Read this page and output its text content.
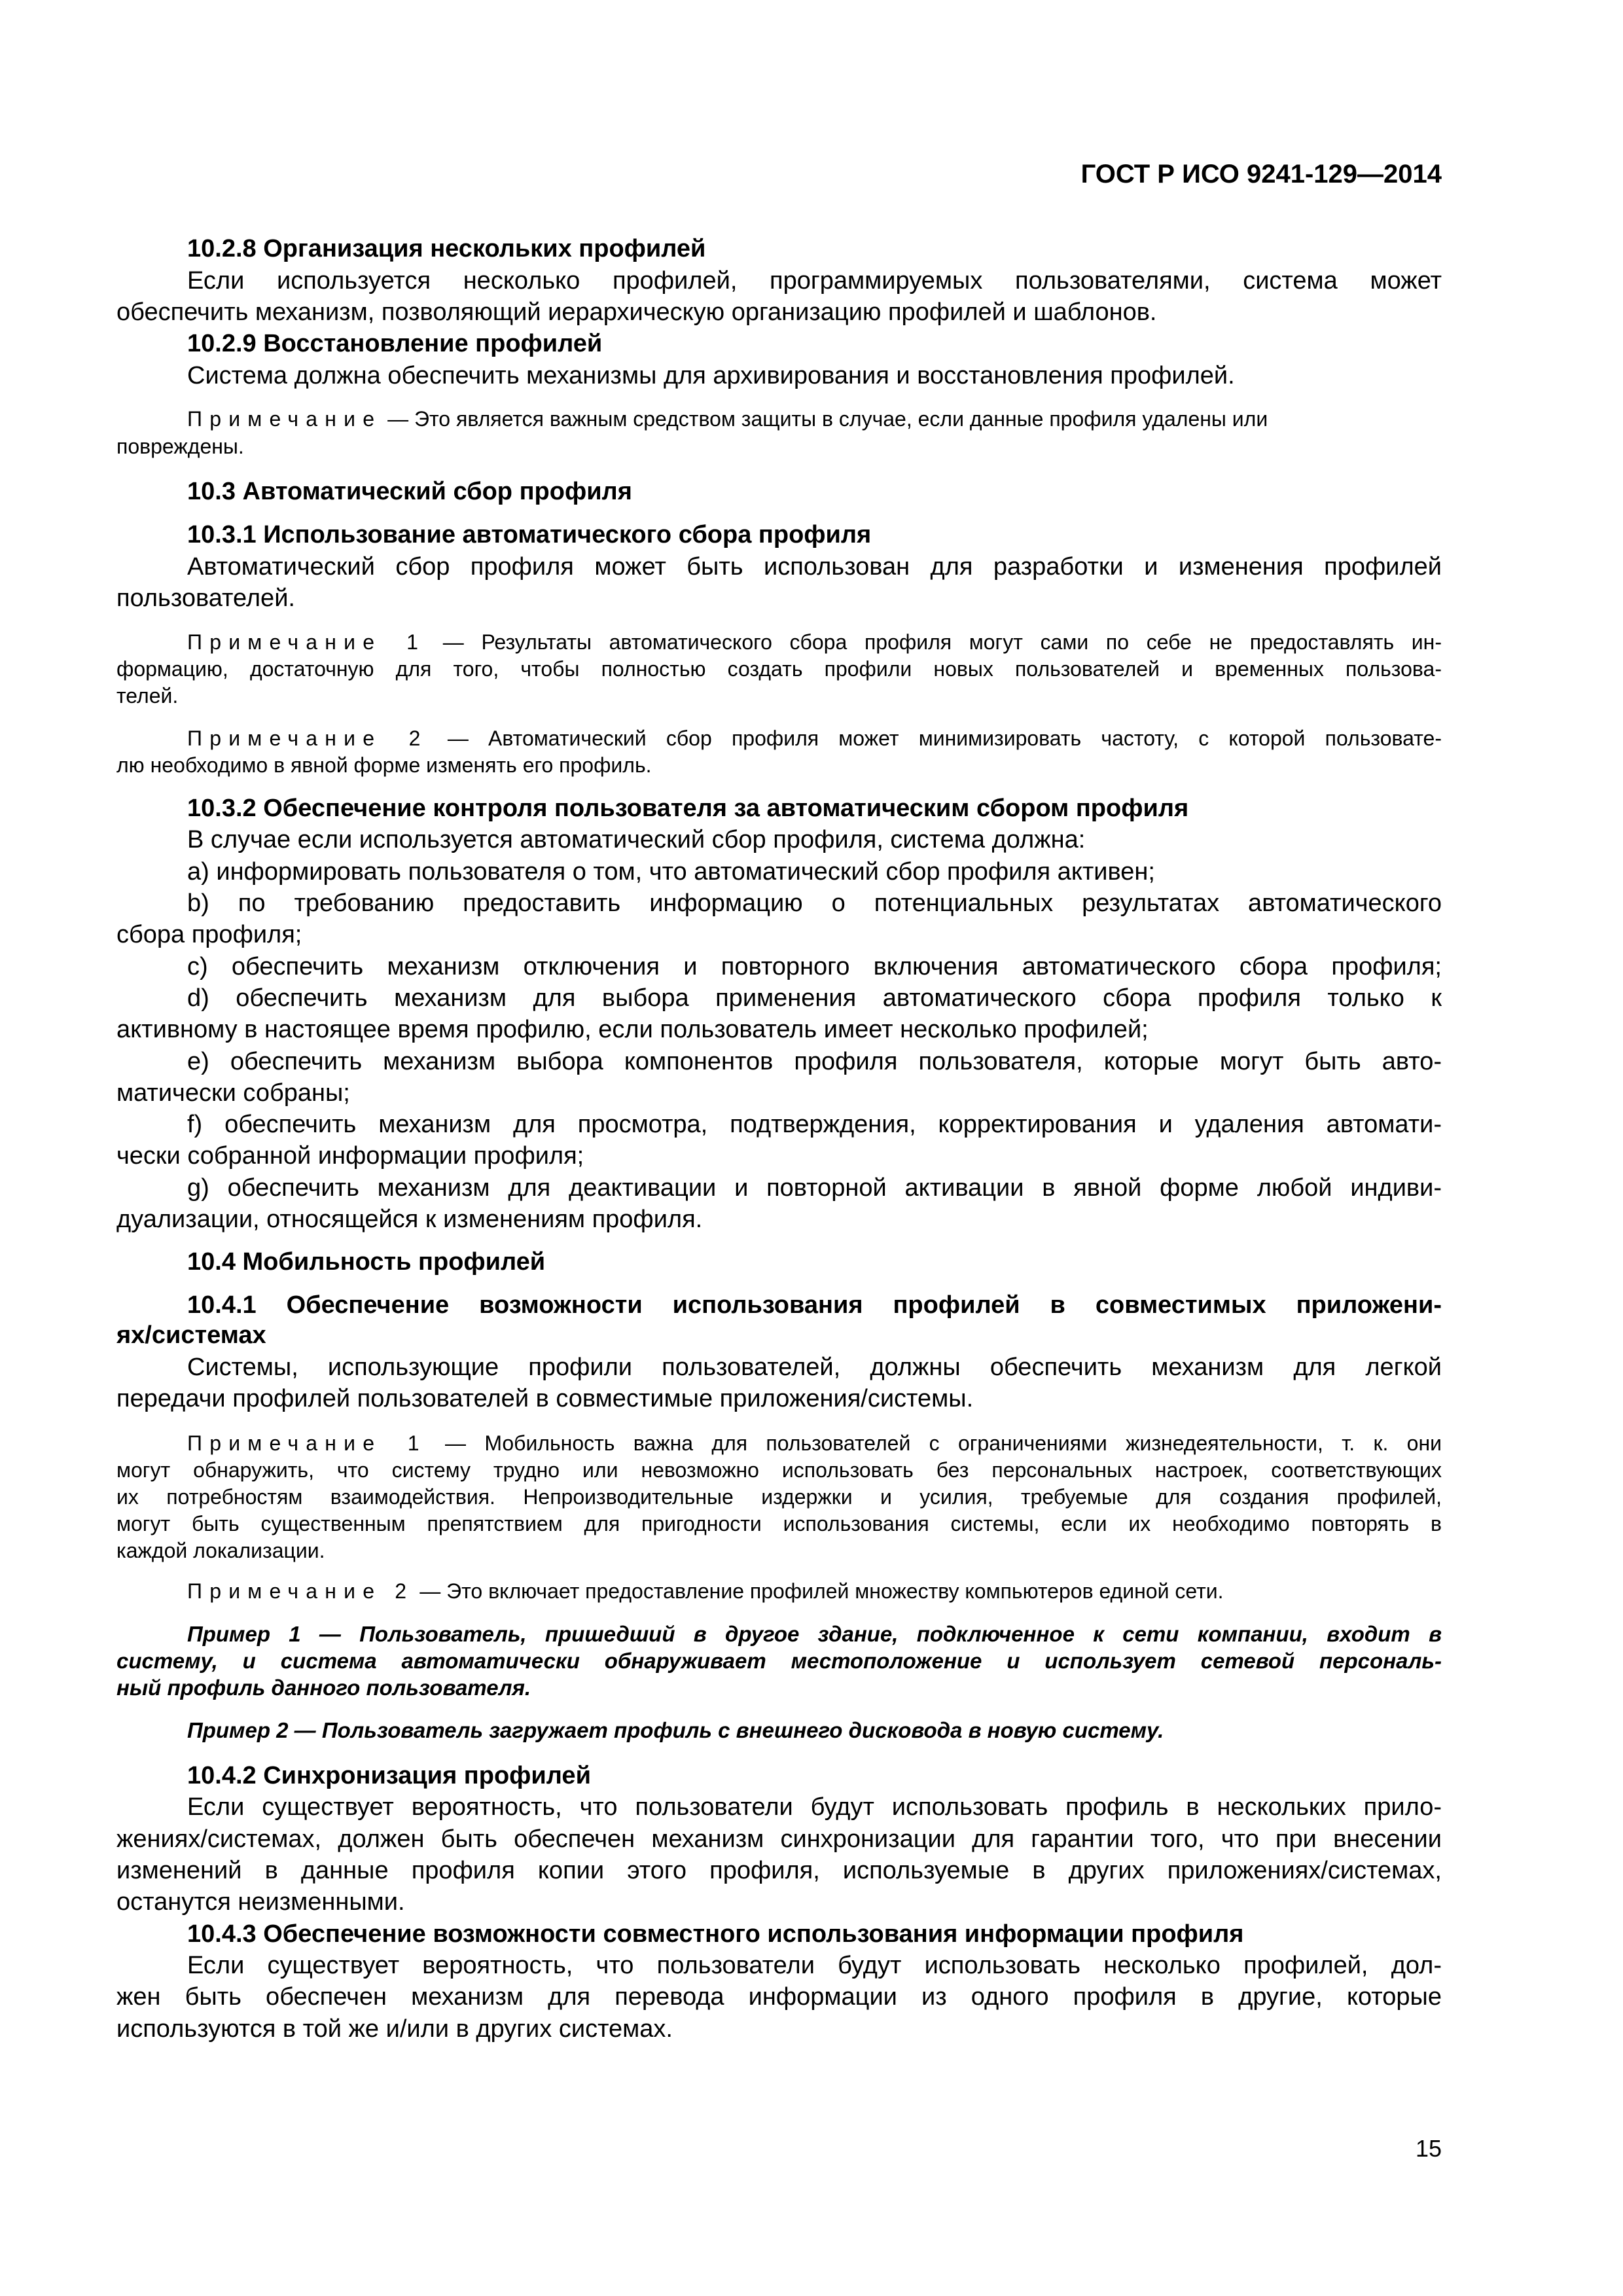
ГОСТ Р ИСО 9241-129—2014

10.2.8 Организация нескольких профилей

Если используется несколько профилей, программируемых пользователями, система может

обеспечить механизм, позволяющий иерархическую организацию профилей и шаблонов.

10.2.9 Восстановление профилей

Система должна обеспечить механизмы для архивирования и восстановления профилей.

Примечание — Это является важным средством защиты в случае, если данные профиля удалены или

повреждены.

10.3 Автоматический сбор профиля

10.3.1 Использование автоматического сбора профиля

Автоматический сбор профиля может быть использован для разработки и изменения профилей

пользователей.

Примечание 1 — Результаты автоматического сбора профиля могут сами по себе не предоставлять ин-

формацию, достаточную для того, чтобы полностью создать профили новых пользователей и временных пользова-

телей.

Примечание 2 — Автоматический сбор профиля может минимизировать частоту, с которой пользовате-

лю необходимо в явной форме изменять его профиль.

10.3.2 Обеспечение контроля пользователя за автоматическим сбором профиля

В случае если используется автоматический сбор профиля, система должна:

a) информировать пользователя о том, что автоматический сбор профиля активен;

b) по требованию предоставить информацию о потенциальных результатах автоматического

сбора профиля;

c) обеспечить механизм отключения и повторного включения автоматического сбора профиля;

d) обеспечить механизм для выбора применения автоматического сбора профиля только к

активному в настоящее время профилю, если пользователь имеет несколько профилей;

e) обеспечить механизм выбора компонентов профиля пользователя, которые могут быть авто-

матически собраны;

f) обеспечить механизм для просмотра, подтверждения, корректирования и удаления автомати-

чески собранной информации профиля;

g) обеспечить механизм для деактивации и повторной активации в явной форме любой индиви-

дуализации, относящейся к изменениям профиля.

10.4 Мобильность профилей

10.4.1 Обеспечение возможности использования профилей в совместимых приложени-

ях/системах

Системы, использующие профили пользователей, должны обеспечить механизм для легкой

передачи профилей пользователей в совместимые приложения/системы.

Примечание 1 — Мобильность важна для пользователей с ограничениями жизнедеятельности, т. к. они

могут обнаружить, что систему трудно или невозможно использовать без персональных настроек, соответствующих

их потребностям взаимодействия. Непроизводительные издержки и усилия, требуемые для создания профилей,

могут быть существенным препятствием для пригодности использования системы, если их необходимо повторять в

каждой локализации.

Примечание 2 — Это включает предоставление профилей множеству компьютеров единой сети.

Пример 1 — Пользователь, пришедший в другое здание, подключенное к сети компании, входит в

систему, и система автоматически обнаруживает местоположение и использует сетевой персональ-

ный профиль данного пользователя.

Пример 2 — Пользователь загружает профиль с внешнего дисковода в новую систему.

10.4.2 Синхронизация профилей

Если существует вероятность, что пользователи будут использовать профиль в нескольких прило-

жениях/системах, должен быть обеспечен механизм синхронизации для гарантии того, что при внесении

изменений в данные профиля копии этого профиля, используемые в других приложениях/системах,

останутся неизменными.

10.4.3 Обеспечение возможности совместного использования информации профиля

Если существует вероятность, что пользователи будут использовать несколько профилей, дол-

жен быть обеспечен механизм для перевода информации из одного профиля в другие, которые

используются в той же и/или в других системах.

15
